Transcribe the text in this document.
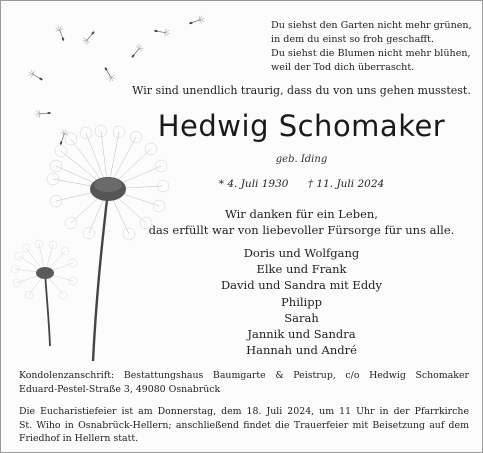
Du siehst den Garten nicht mehr grünen,
in dem du einst so froh geschafft.
Du siehst die Blumen nicht mehr blühen,
weil der Tod dich überrascht.
Wir sind unendlich traurig, dass du von uns gehen musstest.
Hedwig Schomaker
geb. Iding
* 4. Juli 1930 † 11. Juli 2024
Wir danken für ein Leben,
das erfüllt war von liebevoller Fürsorge für uns alle.
Doris und Wolfgang
Elke und Frank
David und Sandra mit Eddy
Philipp
Sarah
Jannik und Sandra
Hannah und André
Kondolenzanschrift: Bestattungshaus Baumgarte & Peistrup, c/o Hedwig Schomaker
Eduard-Pestel-Straße 3, 49080 Osnabrück
Die Eucharistiefeier ist am Donnerstag, dem 18. Juli 2024, um 11 Uhr in der Pfarrkirche
St. Wiho in Osnabrück-Hellern; anschließend findet die Trauerfeier mit Beisetzung auf dem
Friedhof in Hellern statt.
